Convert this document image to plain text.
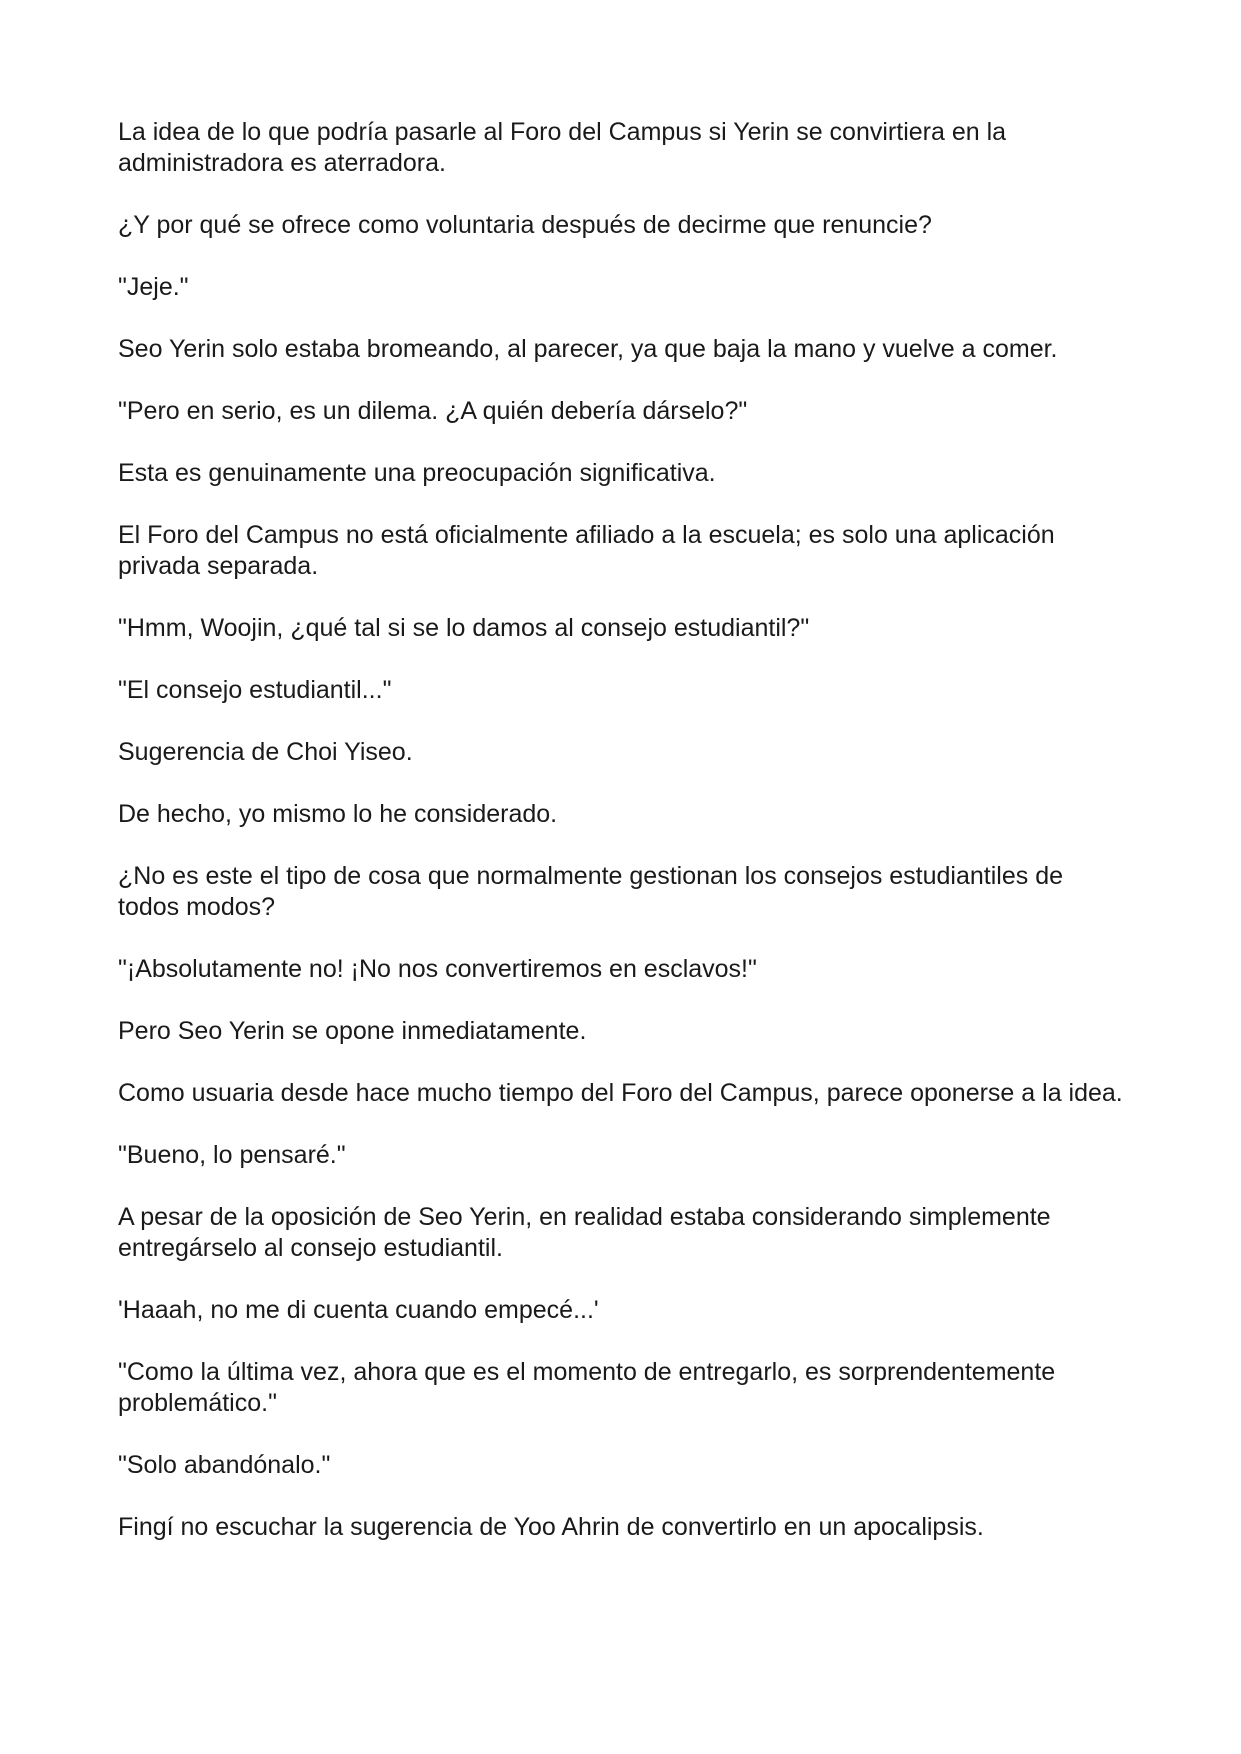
La idea de lo que podría pasarle al Foro del Campus si Yerin se convirtiera en la administradora es aterradora.

¿Y por qué se ofrece como voluntaria después de decirme que renuncie?

"Jeje."

Seo Yerin solo estaba bromeando, al parecer, ya que baja la mano y vuelve a comer.

"Pero en serio, es un dilema. ¿A quién debería dárselo?"

Esta es genuinamente una preocupación significativa.

El Foro del Campus no está oficialmente afiliado a la escuela; es solo una aplicación privada separada.

"Hmm, Woojin, ¿qué tal si se lo damos al consejo estudiantil?"

"El consejo estudiantil..."

Sugerencia de Choi Yiseo.

De hecho, yo mismo lo he considerado.

¿No es este el tipo de cosa que normalmente gestionan los consejos estudiantiles de todos modos?

"¡Absolutamente no! ¡No nos convertiremos en esclavos!"

Pero Seo Yerin se opone inmediatamente.

Como usuaria desde hace mucho tiempo del Foro del Campus, parece oponerse a la idea.

"Bueno, lo pensaré."

A pesar de la oposición de Seo Yerin, en realidad estaba considerando simplemente entregárselo al consejo estudiantil.

'Haaah, no me di cuenta cuando empecé...'

"Como la última vez, ahora que es el momento de entregarlo, es sorprendentemente problemático."

"Solo abandónalo."

Fingí no escuchar la sugerencia de Yoo Ahrin de convertirlo en un apocalipsis.
